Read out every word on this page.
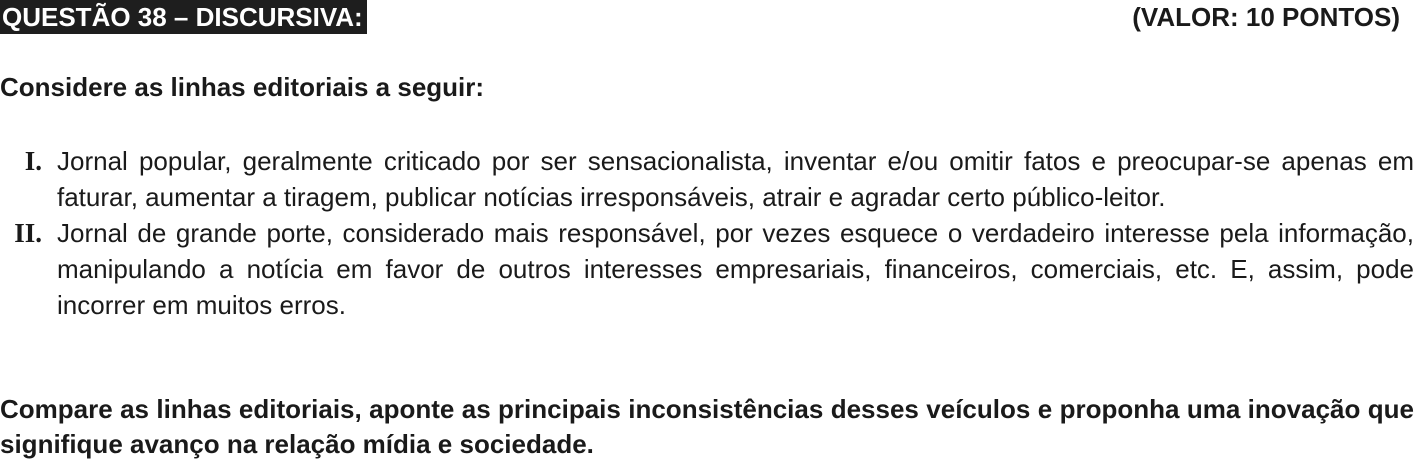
QUESTÃO 38 – DISCURSIVA:	(VALOR: 10 PONTOS)
Considere as linhas editoriais a seguir:
I. Jornal popular, geralmente criticado por ser sensacionalista, inventar e/ou omitir fatos e preocupar-se apenas em faturar, aumentar a tiragem, publicar notícias irresponsáveis, atrair e agradar certo público-leitor.
II. Jornal de grande porte, considerado mais responsável, por vezes esquece o verdadeiro interesse pela informação, manipulando a notícia em favor de outros interesses empresariais, financeiros, comerciais, etc. E, assim, pode incorrer em muitos erros.
Compare as linhas editoriais, aponte as principais inconsistências desses veículos e proponha uma inovação que signifique avanço na relação mídia e sociedade.
